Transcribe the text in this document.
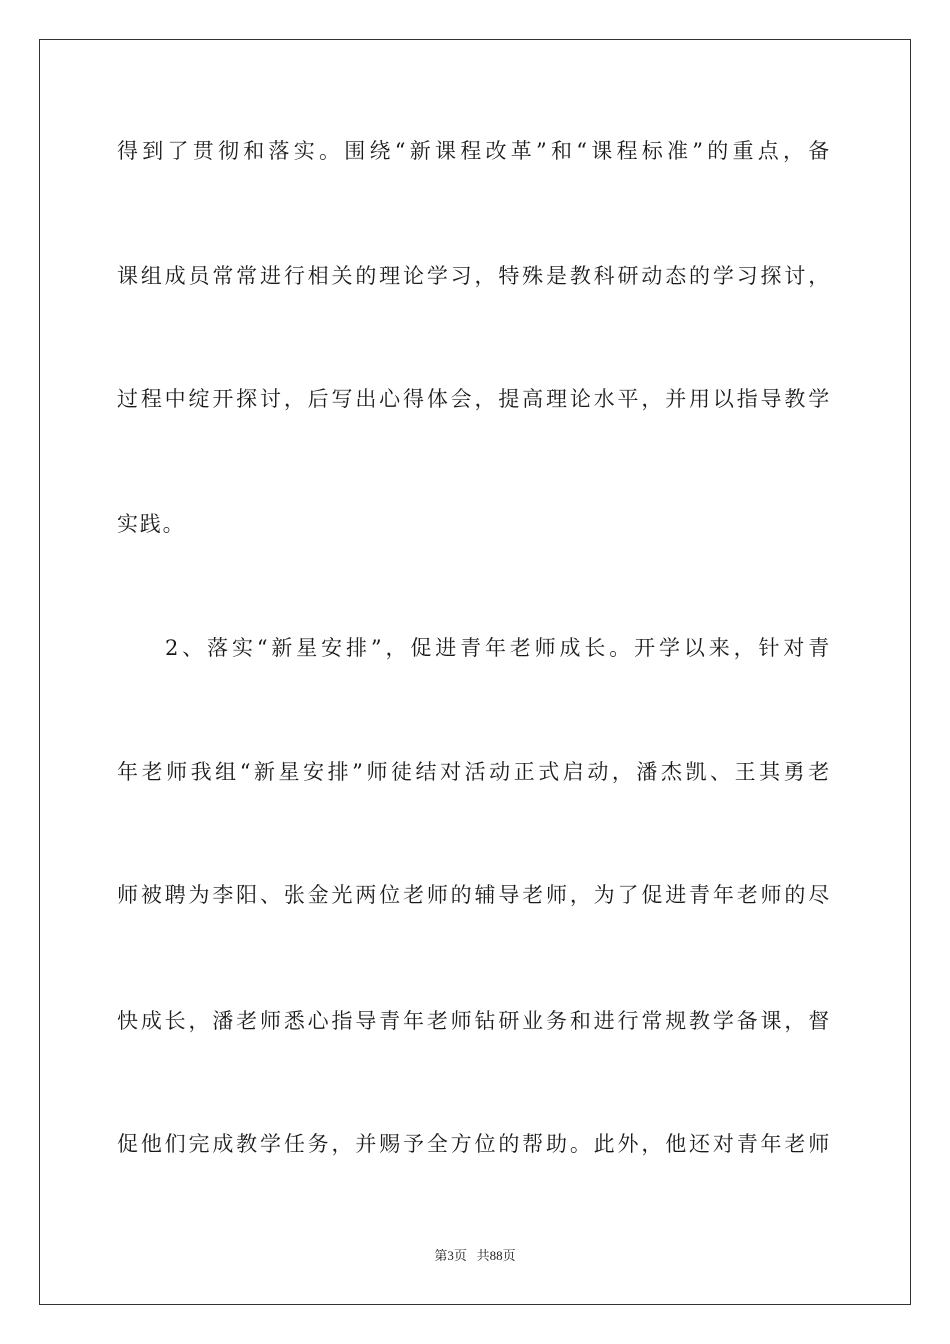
得到了贯彻和落实。围绕“新课程改革”和“课程标准”的重点，备
课组成员常常进行相关的理论学习，特殊是教科研动态的学习探讨，
过程中绽开探讨，后写出心得体会，提高理论水平，并用以指导教学
实践。
2、落实“新星安排”，促进青年老师成长。开学以来，针对青
年老师我组“新星安排”师徒结对活动正式启动，潘杰凯、王其勇老
师被聘为李阳、张金光两位老师的辅导老师，为了促进青年老师的尽
快成长，潘老师悉心指导青年老师钻研业务和进行常规教学备课，督
促他们完成教学任务，并赐予全方位的帮助。此外，他还对青年老师
第3页 共88页
